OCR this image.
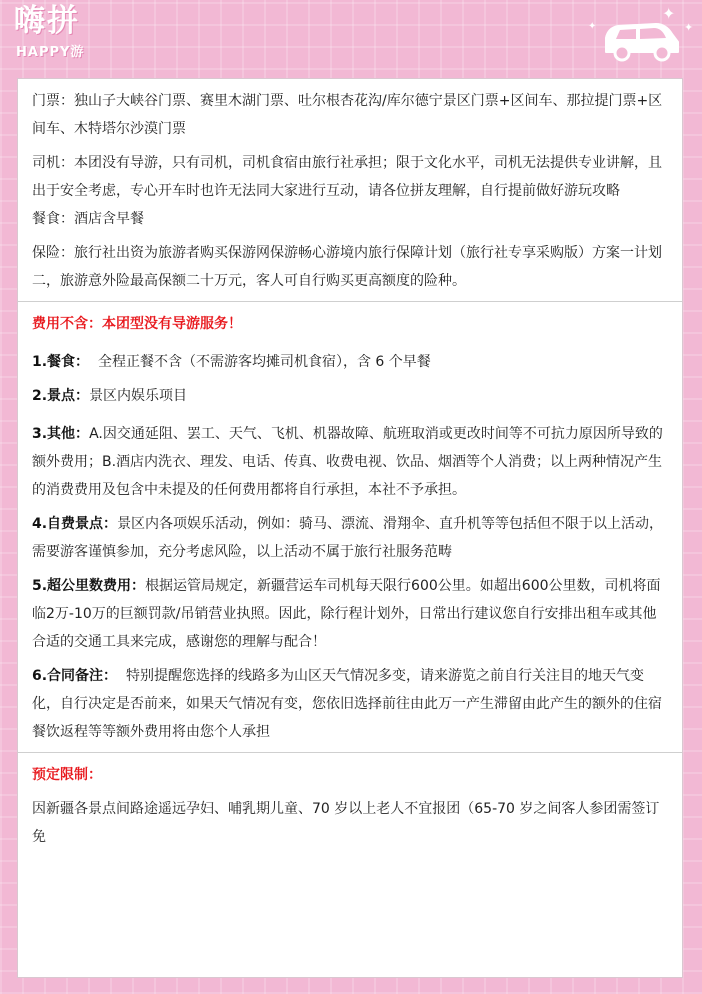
嗨拼
HAPPY游
✦
✦
✦

门票：独山子大峡谷门票、赛里木湖门票、吐尔根杏花沟/库尔德宁景区门票+区间车、那拉提门票+区间车、木特塔尔沙漠门票

司机：本团没有导游，只有司机，司机食宿由旅行社承担；限于文化水平，司机无法提供专业讲解，且出于安全考虑，专心开车时也许无法同大家进行互动，请各位拼友理解，自行提前做好游玩攻略

餐食：酒店含早餐

保险：旅行社出资为旅游者购买保游网保游畅心游境内旅行保障计划（旅行社专享采购版）方案一计划二，旅游意外险最高保额二十万元，客人可自行购买更高额度的险种。

费用不含：本团型没有导游服务！

1.餐食： 全程正餐不含（不需游客均摊司机食宿），含 6 个早餐

2.景点：景区内娱乐项目

3.其他：A.因交通延阻、罢工、天气、飞机、机器故障、航班取消或更改时间等不可抗力原因所导致的额外费用；B.酒店内洗衣、理发、电话、传真、收费电视、饮品、烟酒等个人消费；以上两种情况产生的消费费用及包含中未提及的任何费用都将自行承担，本社不予承担。

4.自费景点：景区内各项娱乐活动，例如：骑马、漂流、滑翔伞、直升机等等包括但不限于以上活动，需要游客谨慎参加，充分考虑风险，以上活动不属于旅行社服务范畴

5.超公里数费用：根据运管局规定，新疆营运车司机每天限行600公里。如超出600公里数，司机将面临2万-10万的巨额罚款/吊销营业执照。因此，除行程计划外，日常出行建议您自行安排出租车或其他合适的交通工具来完成，感谢您的理解与配合！

6.合同备注： 特别提醒您选择的线路多为山区天气情况多变，请来游览之前自行关注目的地天气变化，自行决定是否前来，如果天气情况有变，您依旧选择前往由此万一产生滞留由此产生的额外的住宿餐饮返程等等额外费用将由您个人承担

预定限制：

因新疆各景点间路途遥远孕妇、哺乳期儿童、70 岁以上老人不宜报团（65-70 岁之间客人参团需签订免
